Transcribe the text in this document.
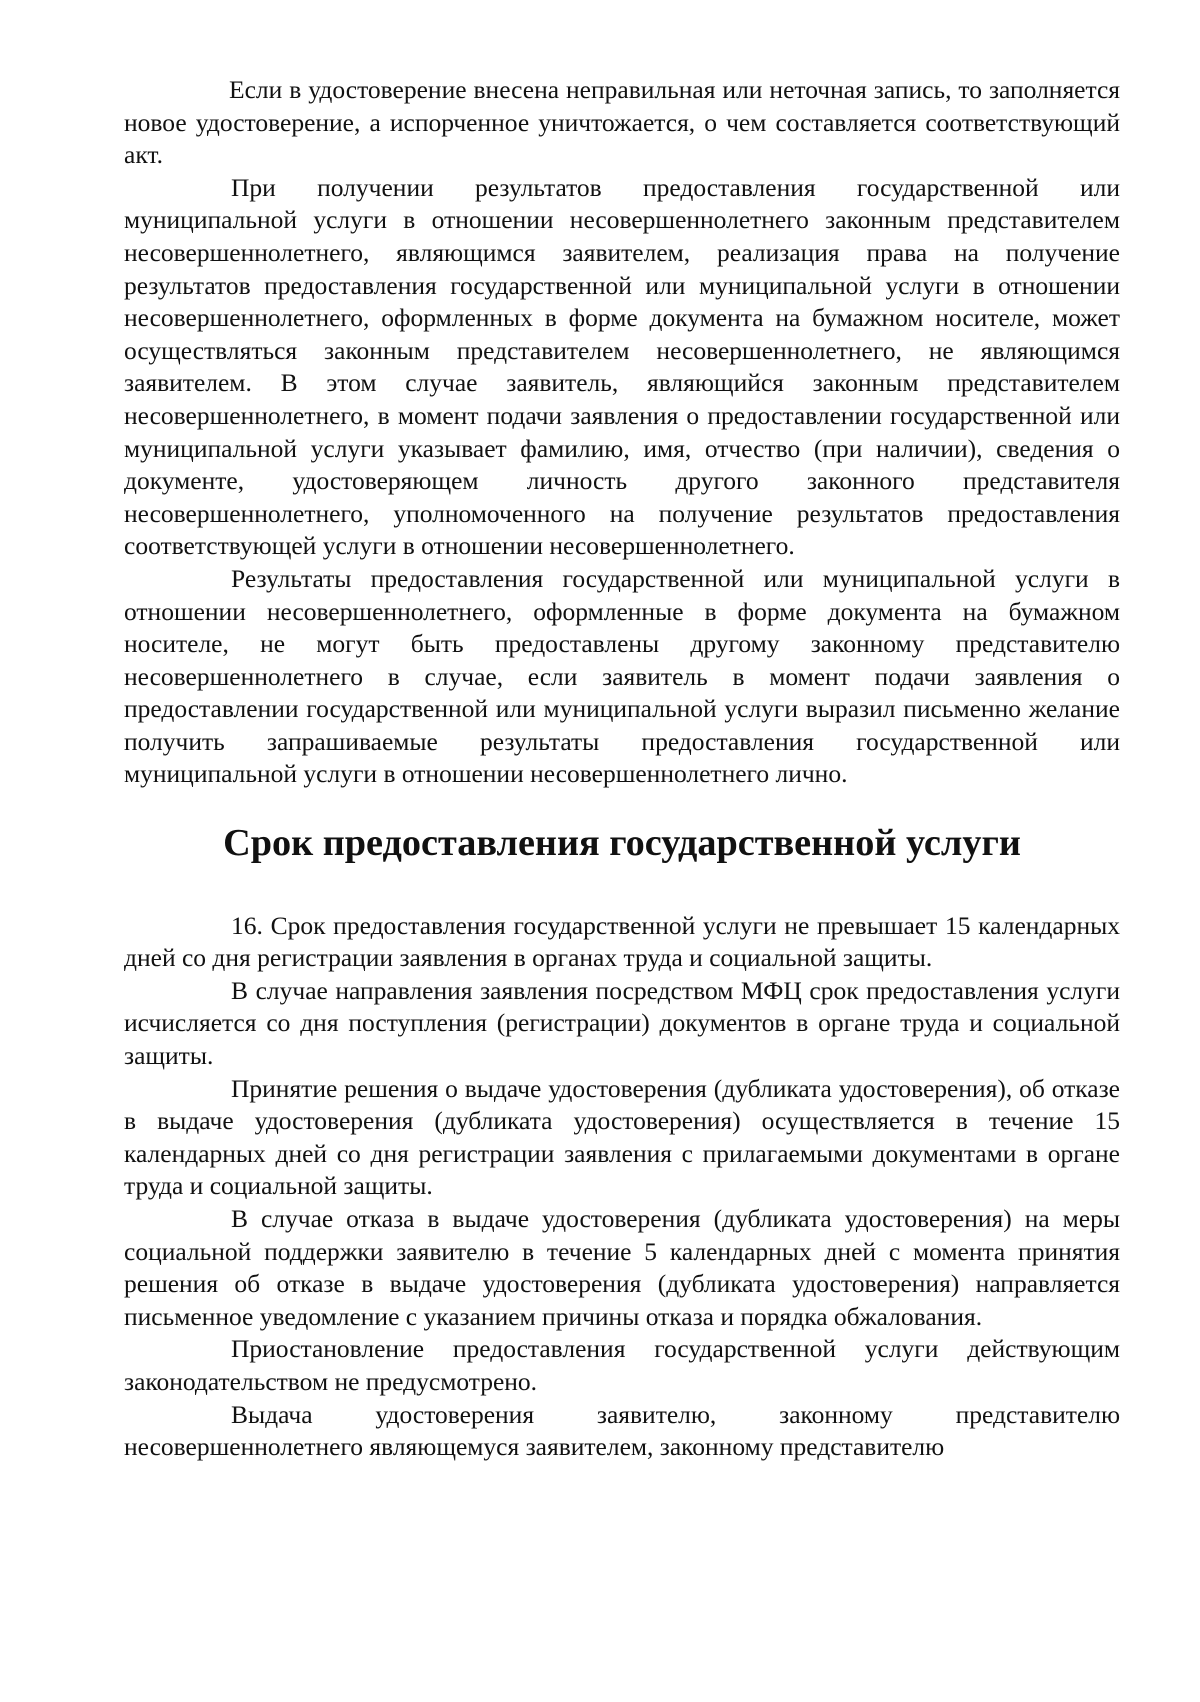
Если в удостоверение внесена неправильная или неточная запись, то заполняется новое удостоверение, а испорченное уничтожается, о чем составляется соответствующий акт.

При получении результатов предоставления государственной или муниципальной услуги в отношении несовершеннолетнего законным представителем несовершеннолетнего, являющимся заявителем, реализация права на получение результатов предоставления государственной или муниципальной услуги в отношении несовершеннолетнего, оформленных в форме документа на бумажном носителе, может осуществляться законным представителем несовершеннолетнего, не являющимся заявителем. В этом случае заявитель, являющийся законным представителем несовершеннолетнего, в момент подачи заявления о предоставлении государственной или муниципальной услуги указывает фамилию, имя, отчество (при наличии), сведения о документе, удостоверяющем личность другого законного представителя несовершеннолетнего, уполномоченного на получение результатов предоставления соответствующей услуги в отношении несовершеннолетнего.

Результаты предоставления государственной или муниципальной услуги в отношении несовершеннолетнего, оформленные в форме документа на бумажном носителе, не могут быть предоставлены другому законному представителю несовершеннолетнего в случае, если заявитель в момент подачи заявления о предоставлении государственной или муниципальной услуги выразил письменно желание получить запрашиваемые результаты предоставления государственной или муниципальной услуги в отношении несовершеннолетнего лично.

Срок предоставления государственной услуги

16. Срок предоставления государственной услуги не превышает 15 календарных дней со дня регистрации заявления в органах труда и социальной защиты.

В случае направления заявления посредством МФЦ срок предоставления услуги исчисляется со дня поступления (регистрации) документов в органе труда и социальной защиты.

Принятие решения о выдаче удостоверения (дубликата удостоверения), об отказе в выдаче удостоверения (дубликата удостоверения) осуществляется в течение 15 календарных дней со дня регистрации заявления с прилагаемыми документами в органе труда и социальной защиты.

В случае отказа в выдаче удостоверения (дубликата удостоверения) на меры социальной поддержки заявителю в течение 5 календарных дней с момента принятия решения об отказе в выдаче удостоверения (дубликата удостоверения) направляется письменное уведомление с указанием причины отказа и порядка обжалования.

Приостановление предоставления государственной услуги действующим законодательством не предусмотрено.

Выдача удостоверения заявителю, законному представителю несовершеннолетнего являющемуся заявителем, законному представителю
